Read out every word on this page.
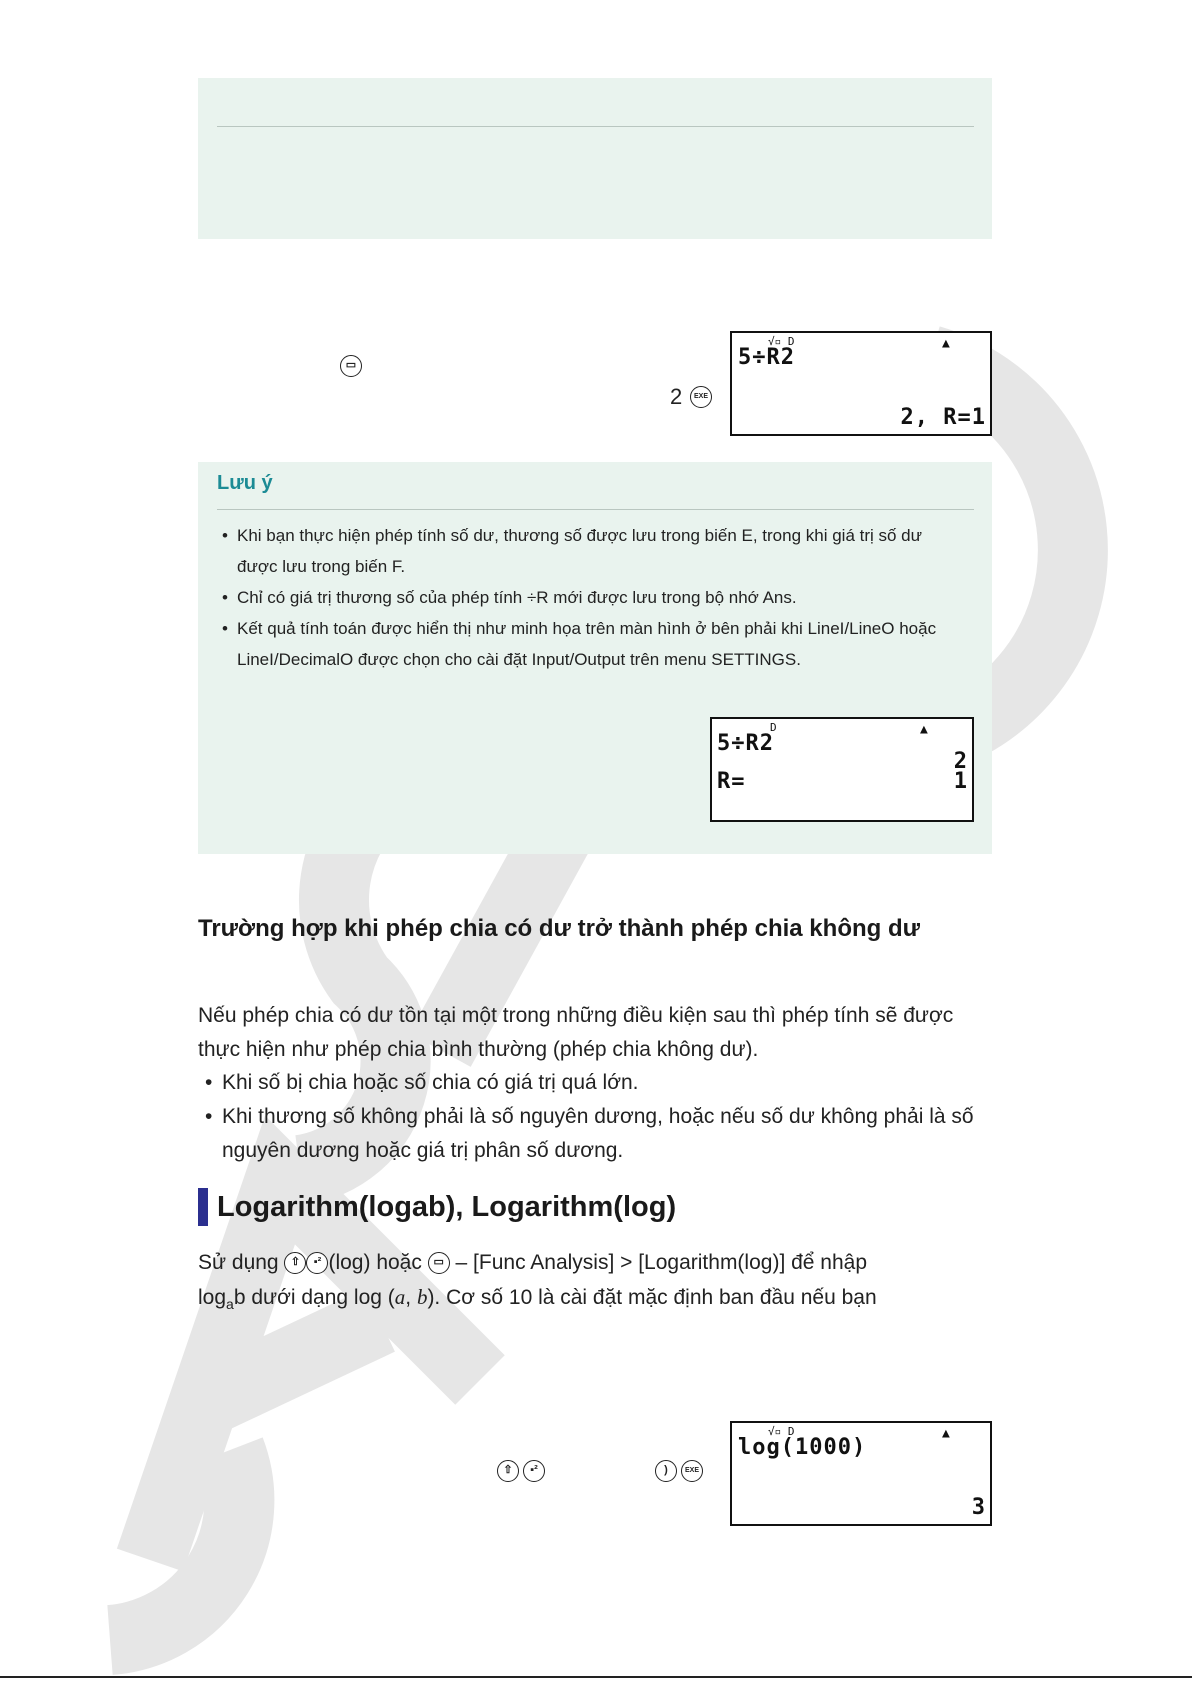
▭
2	EXE
√▫ D	▲
5÷R2
2, R=1
Lưu ý
• Khi bạn thực hiện phép tính số dư, thương số được lưu trong biến E, trong khi giá trị số dư được lưu trong biến F.
• Chỉ có giá trị thương số của phép tính ÷R mới được lưu trong bộ nhớ Ans.
• Kết quả tính toán được hiển thị như minh họa trên màn hình ở bên phải khi LineI/LineO hoặc LineI/DecimalO được chọn cho cài đặt Input/Output trên menu SETTINGS.
D	▲
5÷R2
2
R=	1
Trường hợp khi phép chia có dư trở thành phép chia không dư

Nếu phép chia có dư tồn tại một trong những điều kiện sau thì phép tính sẽ được thực hiện như phép chia bình thường (phép chia không dư).

• Khi số bị chia hoặc số chia có giá trị quá lớn.
• Khi thương số không phải là số nguyên dương, hoặc nếu số dư không phải là số nguyên dương hoặc giá trị phân số dương.
Logarithm(logab), Logarithm(log)

Sử dụng ⇧ ▪² (log) hoặc ▭ – [Func Analysis] > [Logarithm(log)] để nhập

$\log_ab$ dưới dạng log (a, b). Cơ số 10 là cài đặt mặc định ban đầu nếu bạn

⇧	▪²	)	EXE
√▫ D	▲
log(1000)
3
